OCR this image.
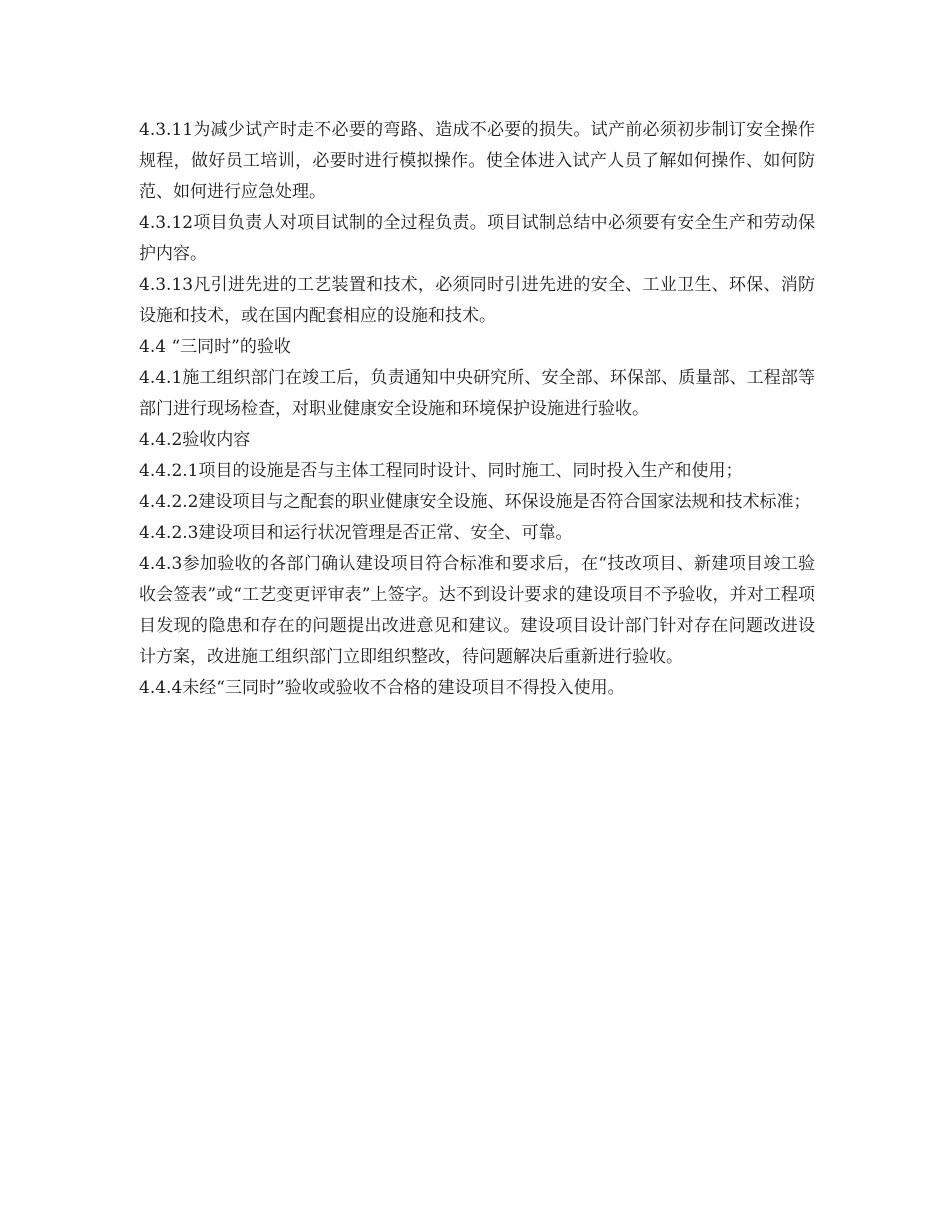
4.3.11为减少试产时走不必要的弯路、造成不必要的损失。试产前必须初步制订安全操作规程，做好员工培训，必要时进行模拟操作。使全体进入试产人员了解如何操作、如何防范、如何进行应急处理。

4.3.12项目负责人对项目试制的全过程负责。项目试制总结中必须要有安全生产和劳动保护内容。

4.3.13凡引进先进的工艺装置和技术，必须同时引进先进的安全、工业卫生、环保、消防设施和技术，或在国内配套相应的设施和技术。

4.4 “三同时”的验收

4.4.1施工组织部门在竣工后，负责通知中央研究所、安全部、环保部、质量部、工程部等部门进行现场检查，对职业健康安全设施和环境保护设施进行验收。

4.4.2验收内容

4.4.2.1项目的设施是否与主体工程同时设计、同时施工、同时投入生产和使用；

4.4.2.2建设项目与之配套的职业健康安全设施、环保设施是否符合国家法规和技术标准；

4.4.2.3建设项目和运行状况管理是否正常、安全、可靠。

4.4.3参加验收的各部门确认建设项目符合标准和要求后，在“技改项目、新建项目竣工验收会签表”或“工艺变更评审表”上签字。达不到设计要求的建设项目不予验收，并对工程项目发现的隐患和存在的问题提出改进意见和建议。建设项目设计部门针对存在问题改进设计方案，改进施工组织部门立即组织整改，待问题解决后重新进行验收。

4.4.4未经“三同时”验收或验收不合格的建设项目不得投入使用。
